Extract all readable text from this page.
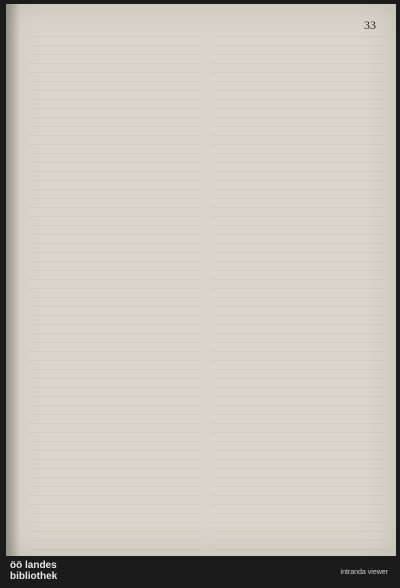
33
öö landes
bibliothek	intranda viewer
